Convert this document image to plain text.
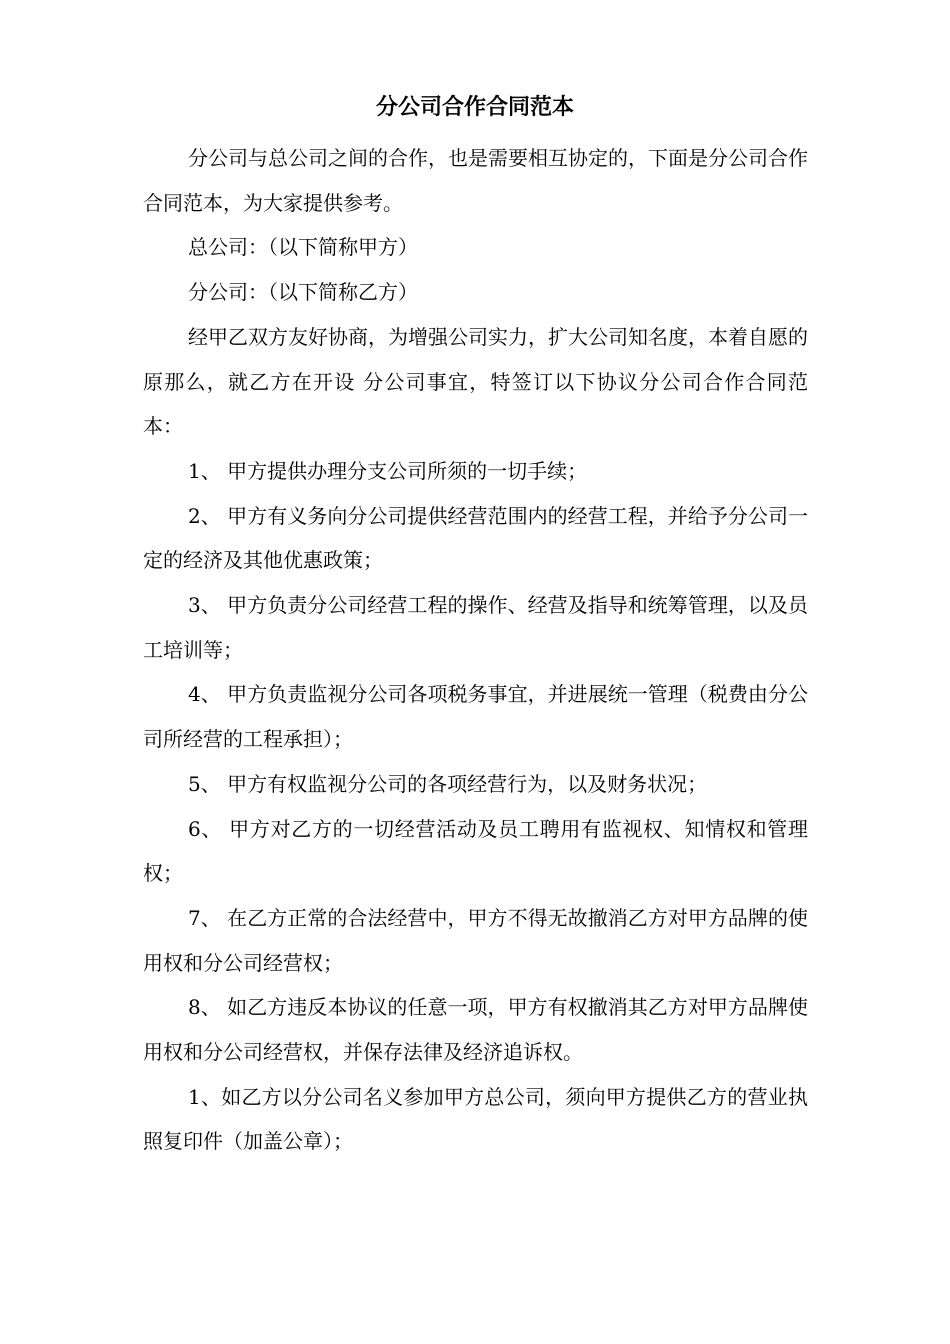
分公司合作合同范本

分公司与总公司之间的合作，也是需要相互协定的，下面是分公司合作合同范本，为大家提供参考。

总公司：（以下简称甲方）

分公司：（以下简称乙方）

经甲乙双方友好协商，为增强公司实力，扩大公司知名度，本着自愿的原那么，就乙方在开设 分公司事宜，特签订以下协议分公司合作合同范本：

1、 甲方提供办理分支公司所须的一切手续；

2、 甲方有义务向分公司提供经营范围内的经营工程，并给予分公司一定的经济及其他优惠政策；

3、 甲方负责分公司经营工程的操作、经营及指导和统筹管理，以及员工培训等；

4、 甲方负责监视分公司各项税务事宜，并进展统一管理（税费由分公司所经营的工程承担）；

5、 甲方有权监视分公司的各项经营行为，以及财务状况；

6、 甲方对乙方的一切经营活动及员工聘用有监视权、知情权和管理权；

7、 在乙方正常的合法经营中，甲方不得无故撤消乙方对甲方品牌的使用权和分公司经营权；

8、 如乙方违反本协议的任意一项，甲方有权撤消其乙方对甲方品牌使用权和分公司经营权，并保存法律及经济追诉权。

1、如乙方以分公司名义参加甲方总公司，须向甲方提供乙方的营业执照复印件（加盖公章）；
